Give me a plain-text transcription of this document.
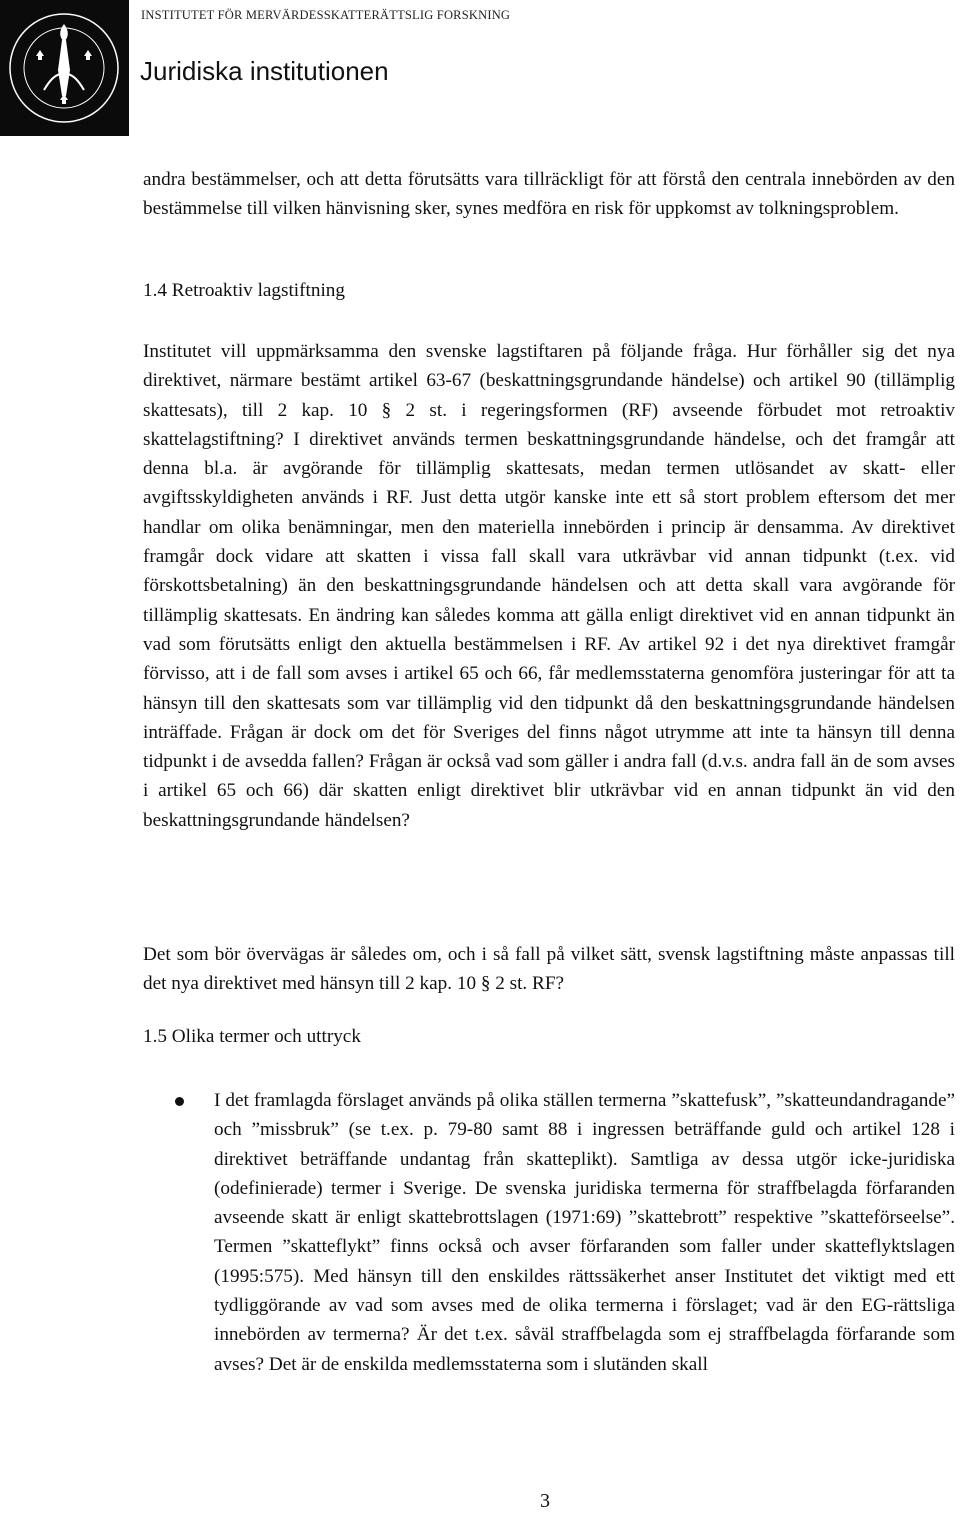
INSTITUTET FÖR MERVÄRDESSKATTERÄTTSLIG FORSKNING
Juridiska institutionen

andra bestämmelser, och att detta förutsätts vara tillräckligt för att förstå den centrala innebörden av den bestämmelse till vilken hänvisning sker, synes medföra en risk för uppkomst av tolkningsproblem.

1.4 Retroaktiv lagstiftning

Institutet vill uppmärksamma den svenske lagstiftaren på följande fråga. Hur förhåller sig det nya direktivet, närmare bestämt artikel 63-67 (beskattningsgrundande händelse) och artikel 90 (tillämplig skattesats), till 2 kap. 10 § 2 st. i regeringsformen (RF) avseende förbudet mot retroaktiv skattelagstiftning? I direktivet används termen beskattningsgrundande händelse, och det framgår att denna bl.a. är avgörande för tillämplig skattesats, medan termen utlösandet av skatt- eller avgiftsskyldigheten används i RF. Just detta utgör kanske inte ett så stort problem eftersom det mer handlar om olika benämningar, men den materiella innebörden i princip är densamma. Av direktivet framgår dock vidare att skatten i vissa fall skall vara utkrävbar vid annan tidpunkt (t.ex. vid förskottsbetalning) än den beskattningsgrundande händelsen och att detta skall vara avgörande för tillämplig skattesats. En ändring kan således komma att gälla enligt direktivet vid en annan tidpunkt än vad som förutsätts enligt den aktuella bestämmelsen i RF. Av artikel 92 i det nya direktivet framgår förvisso, att i de fall som avses i artikel 65 och 66, får medlemsstaterna genomföra justeringar för att ta hänsyn till den skattesats som var tillämplig vid den tidpunkt då den beskattningsgrundande händelsen inträffade. Frågan är dock om det för Sveriges del finns något utrymme att inte ta hänsyn till denna tidpunkt i de avsedda fallen? Frågan är också vad som gäller i andra fall (d.v.s. andra fall än de som avses i artikel 65 och 66) där skatten enligt direktivet blir utkrävbar vid en annan tidpunkt än vid den beskattningsgrundande händelsen?

Det som bör övervägas är således om, och i så fall på vilket sätt, svensk lagstiftning måste anpassas till det nya direktivet med hänsyn till 2 kap. 10 § 2 st. RF?

1.5 Olika termer och uttryck

I det framlagda förslaget används på olika ställen termerna ”skattefusk”, ”skatteundandragande” och ”missbruk” (se t.ex. p. 79-80 samt 88 i ingressen beträffande guld och artikel 128 i direktivet beträffande undantag från skatteplikt). Samtliga av dessa utgör icke-juridiska (odefinierade) termer i Sverige. De svenska juridiska termerna för straffbelagda förfaranden avseende skatt är enligt skattebrottslagen (1971:69) ”skattebrott” respektive ”skatteförseelse”. Termen ”skatteflykt” finns också och avser förfaranden som faller under skatteflyktslagen (1995:575). Med hänsyn till den enskildes rättssäkerhet anser Institutet det viktigt med ett tydliggörande av vad som avses med de olika termerna i förslaget; vad är den EG-rättsliga innebörden av termerna? Är det t.ex. såväl straffbelagda som ej straffbelagda förfarande som avses? Det är de enskilda medlemsstaterna som i slutänden skall
3
